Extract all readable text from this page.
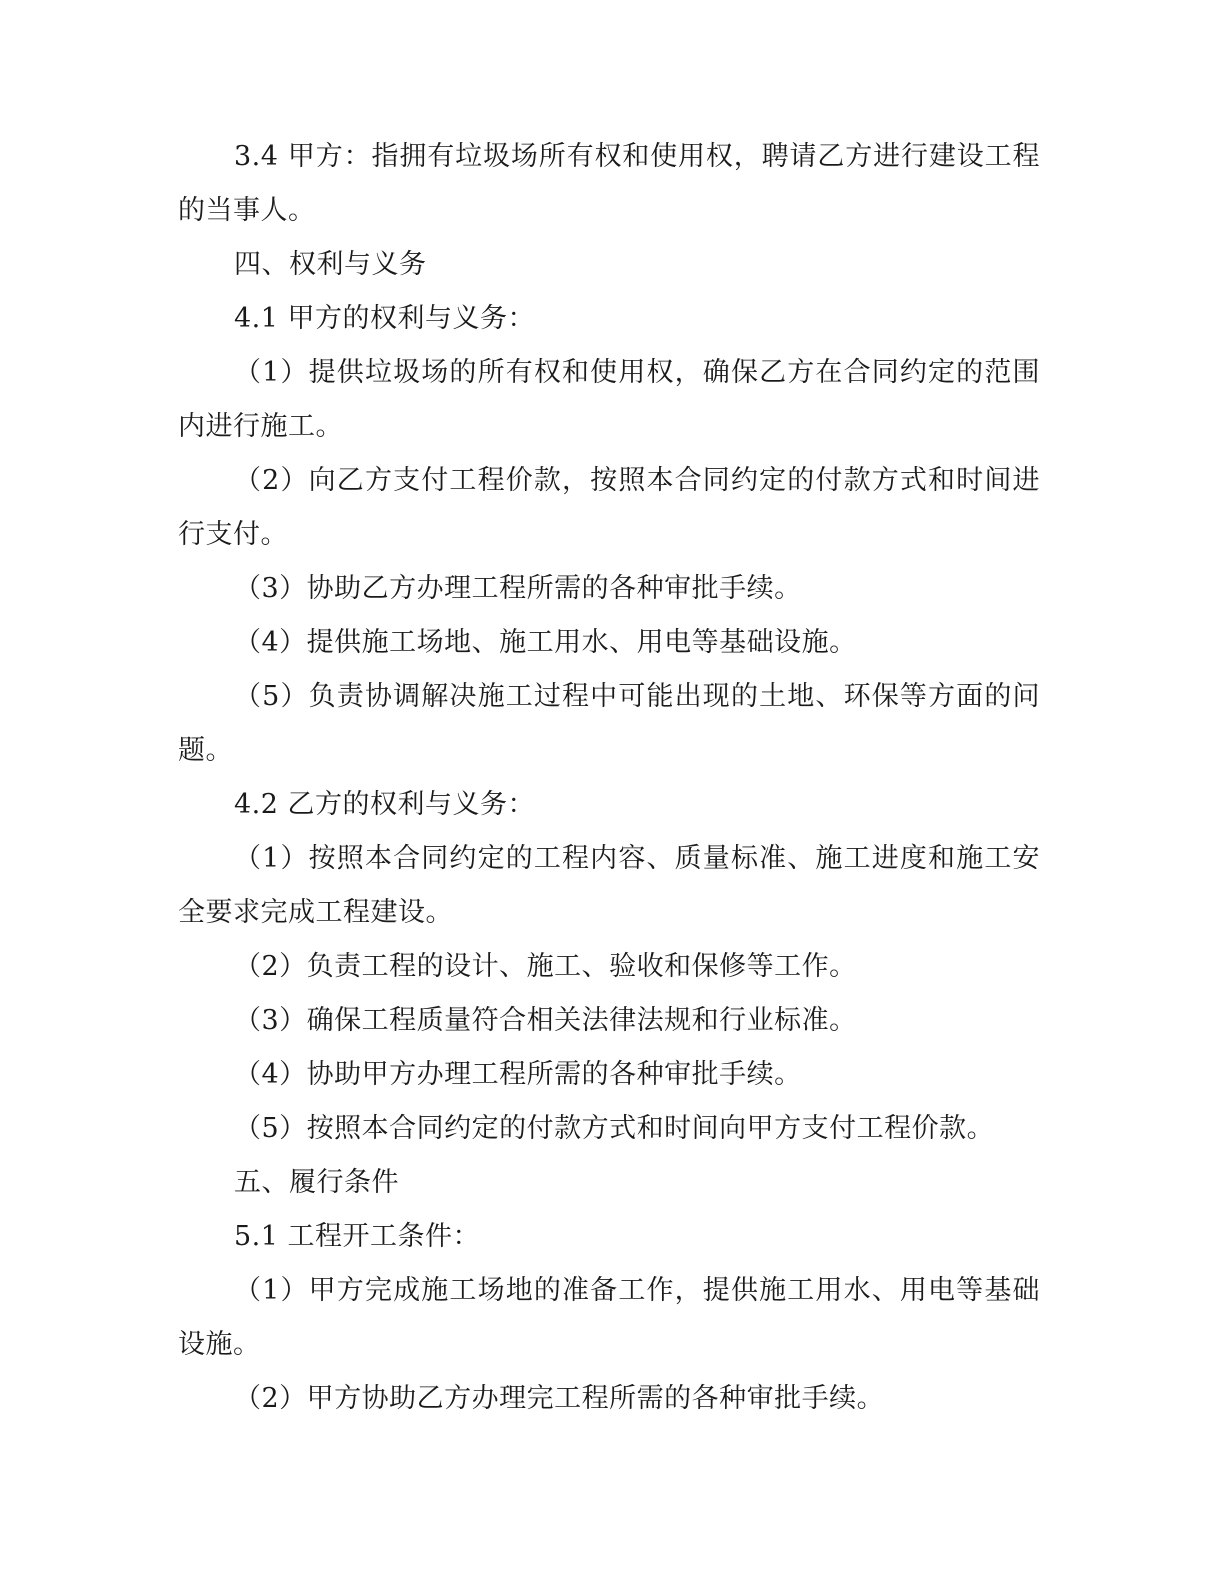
3.4 甲方：指拥有垃圾场所有权和使用权，聘请乙方进行建设工程的当事人。

四、权利与义务

4.1 甲方的权利与义务：

（1）提供垃圾场的所有权和使用权，确保乙方在合同约定的范围内进行施工。

（2）向乙方支付工程价款，按照本合同约定的付款方式和时间进行支付。

（3）协助乙方办理工程所需的各种审批手续。

（4）提供施工场地、施工用水、用电等基础设施。

（5）负责协调解决施工过程中可能出现的土地、环保等方面的问题。

4.2 乙方的权利与义务：

（1）按照本合同约定的工程内容、质量标准、施工进度和施工安全要求完成工程建设。

（2）负责工程的设计、施工、验收和保修等工作。

（3）确保工程质量符合相关法律法规和行业标准。

（4）协助甲方办理工程所需的各种审批手续。

（5）按照本合同约定的付款方式和时间向甲方支付工程价款。

五、履行条件

5.1 工程开工条件：

（1）甲方完成施工场地的准备工作，提供施工用水、用电等基础设施。

（2）甲方协助乙方办理完工程所需的各种审批手续。
